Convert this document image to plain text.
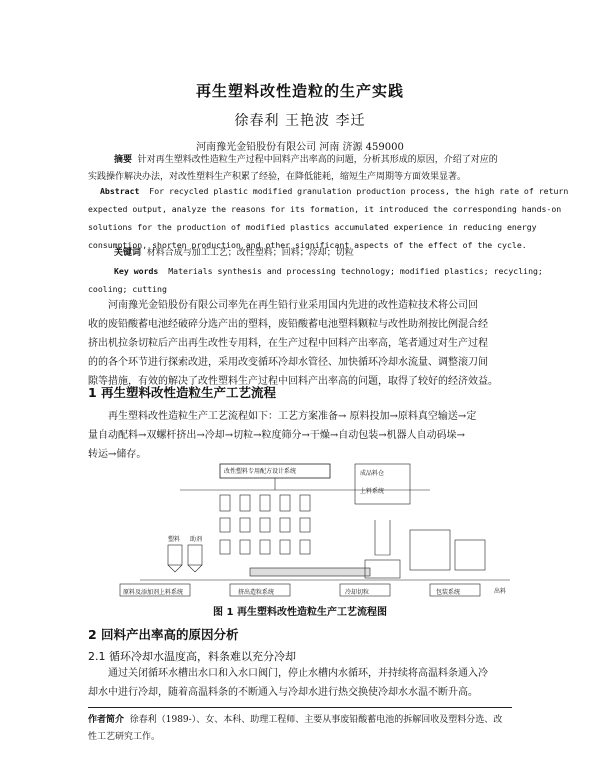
再生塑料改性造粒的生产实践
徐春利 王艳波 李迁
河南豫光金铅股份有限公司 河南 济源 459000
摘要 针对再生塑料改性造粒生产过程中回料产出率高的问题，分析其形成的原因，介绍了对应的
实践操作解决办法，对改性塑料生产积累了经验，在降低能耗，缩短生产周期等方面效果显著。
Abstract For recycled plastic modified granulation production process, the high rate of return
expected output, analyze the reasons for its formation, it introduced the corresponding hands-on
solutions for the production of modified plastics accumulated experience in reducing energy
consumption, shorten production and other significant aspects of the effect of the cycle.
关键词 材料合成与加工工艺；改性塑料；回料；冷却；切粒
Key words Materials synthesis and processing technology; modified plastics; recycling;
cooling; cutting
河南豫光金铅股份有限公司率先在再生铅行业采用国内先进的改性造粒技术将公司回
收的废铅酸蓄电池经破碎分选产出的塑料，废铅酸蓄电池塑料颗粒与改性助剂按比例混合经
挤出机拉条切粒后产出再生改性专用料，在生产过程中回料产出率高，笔者通过对生产过程
的的各个环节进行探索改进，采用改变循环冷却水管径、加快循环冷却水流量、调整滚刀间
隙等措施，有效的解决了改性塑料生产过程中回料产出率高的问题，取得了较好的经济效益。
1 再生塑料改性造粒生产工艺流程
再生塑料改性造粒生产工艺流程如下：工艺方案准备→ 原料投加→原料真空输送→定
量自动配料→双螺杆挤出→冷却→切粒→粒度筛分→干燥→自动包装→机器人自动码垛→
转运→储存。
改性塑料专用配方设计系统	成品料仓
上料系统
塑料 助剂
原料及添加剂上料系统	挤出造粒系统	冷却切粒	包装系统	出料
图 1 再生塑料改性造粒生产工艺流程图
2 回料产出率高的原因分析
2.1 循环冷却水温度高，料条难以充分冷却
通过关闭循环水槽出水口和入水口阀门，停止水槽内水循环，并持续将高温料条通入冷
却水中进行冷却，随着高温料条的不断通入与冷却水进行热交换使冷却水水温不断升高。
作者简介 徐春利（1989-）、女、本科、助理工程师、主要从事废铅酸蓄电池的拆解回收及塑料分选、改
性工艺研究工作。
